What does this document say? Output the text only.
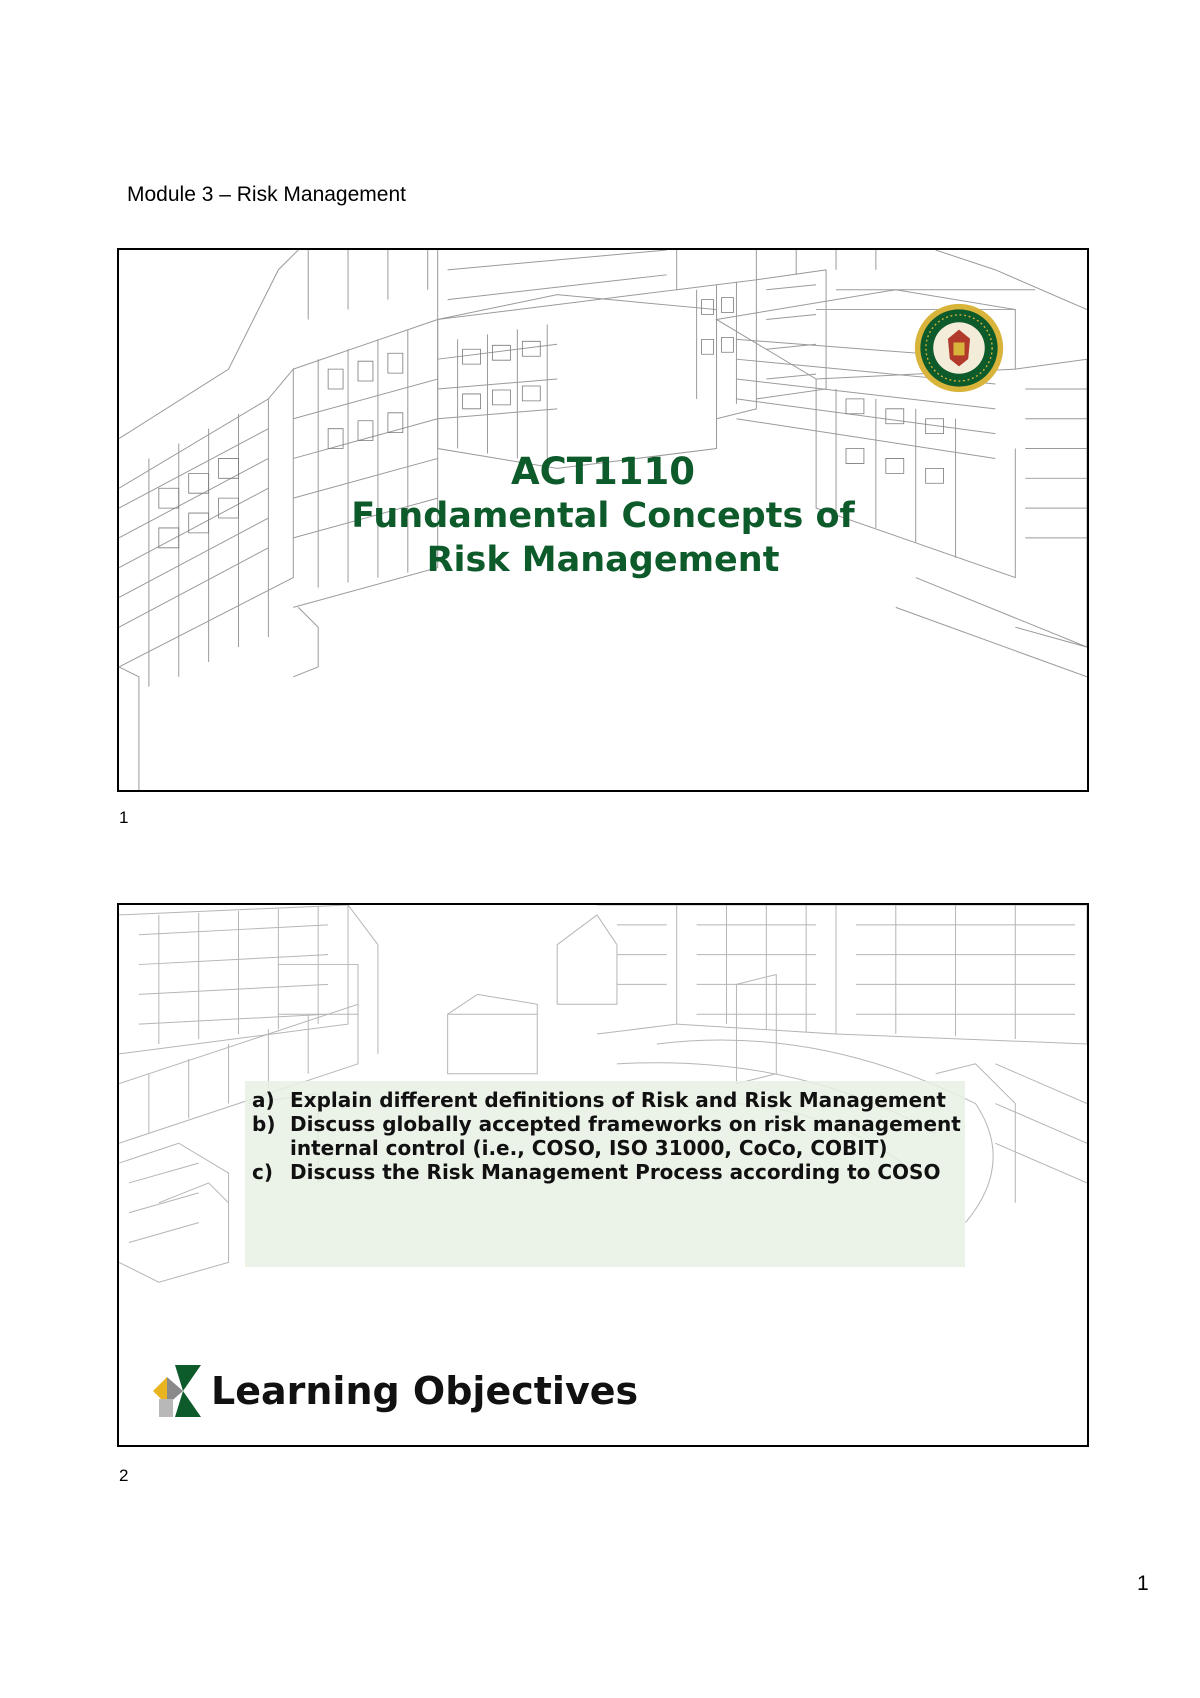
Module 3 – Risk Management
ACT1110
Fundamental Concepts of
Risk Management
1
a) Explain different definitions of Risk and Risk Management
b) Discuss globally accepted frameworks on risk management internal control (i.e., COSO, ISO 31000, CoCo, COBIT)
c) Discuss the Risk Management Process according to COSO
Learning Objectives
2
1
